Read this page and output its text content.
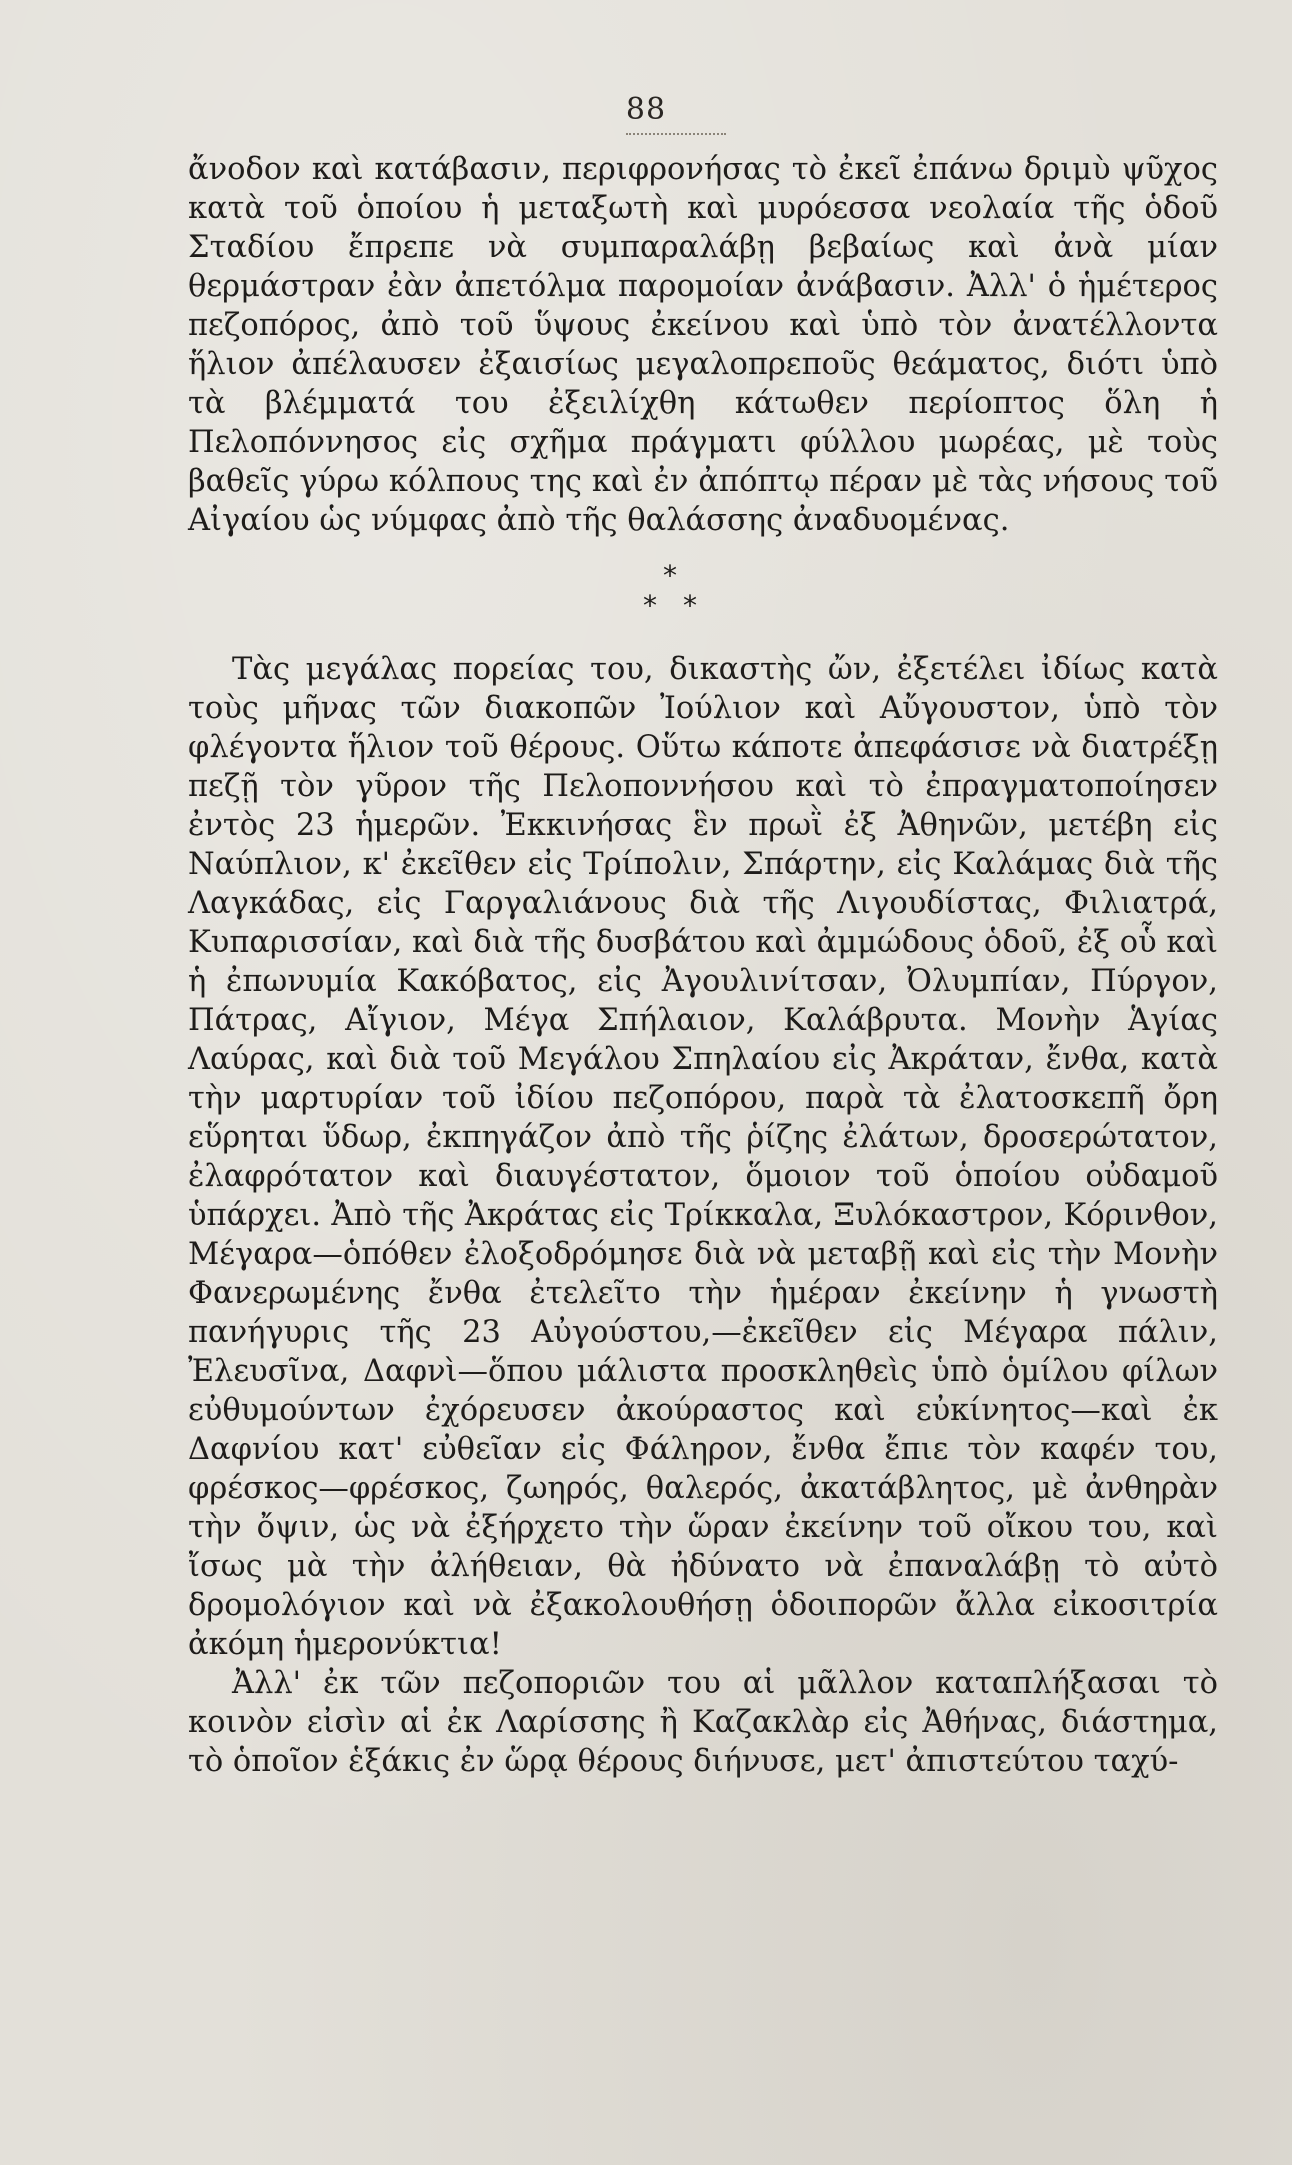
88

ἄνοδον καὶ κατάβασιν, περιφρονήσας τὸ ἐκεῖ ἐπάνω δριμὺ ψῦχος κατὰ τοῦ ὁποίου ἡ μεταξωτὴ καὶ μυρόεσσα νεολαία τῆς ὁδοῦ Σταδίου ἔπρεπε νὰ συμπαραλάβῃ βεβαίως καὶ ἀνὰ μίαν θερμάστραν ἐὰν ἀπετόλμα παρομοίαν ἀνάβασιν. Ἀλλ' ὁ ἡμέτερος πεζοπόρος, ἀπὸ τοῦ ὕψους ἐκείνου καὶ ὑπὸ τὸν ἀνατέλλοντα ἥλιον ἀπέλαυσεν ἐξαισίως μεγαλοπρεποῦς θεάματος, διότι ὑπὸ τὰ βλέμματά του ἐξειλίχθη κάτωθεν περίοπτος ὅλη ἡ Πελοπόννησος εἰς σχῆμα πράγματι φύλλου μωρέας, μὲ τοὺς βαθεῖς γύρω κόλπους της καὶ ἐν ἀπόπτῳ πέραν μὲ τὰς νήσους τοῦ Αἰγαίου ὡς νύμφας ἀπὸ τῆς θαλάσσης ἀναδυομένας.

*
* *

Τὰς μεγάλας πορείας του, δικαστὴς ὤν, ἐξετέλει ἰδίως κατὰ τοὺς μῆνας τῶν διακοπῶν Ἰούλιον καὶ Αὔγουστον, ὑπὸ τὸν φλέγοντα ἥλιον τοῦ θέρους. Οὕτω κάποτε ἀπεφάσισε νὰ διατρέξῃ πεζῇ τὸν γῦρον τῆς Πελοποννήσου καὶ τὸ ἐπραγματοποίησεν ἐντὸς 23 ἡμερῶν. Ἐκκινήσας ἓν πρωῒ ἐξ Ἀθηνῶν, μετέβη εἰς Ναύπλιον, κ' ἐκεῖθεν εἰς Τρίπολιν, Σπάρτην, εἰς Καλάμας διὰ τῆς Λαγκάδας, εἰς Γαργαλιάνους διὰ τῆς Λιγουδίστας, Φιλιατρά, Κυπαρισσίαν, καὶ διὰ τῆς δυσβάτου καὶ ἀμμώδους ὁδοῦ, ἐξ οὗ καὶ ἡ ἐπωνυμία Κακόβατος, εἰς Ἀγουλινίτσαν, Ὀλυμπίαν, Πύργον, Πάτρας, Αἴγιον, Μέγα Σπήλαιον, Καλάβρυτα. Μονὴν Ἁγίας Λαύρας, καὶ διὰ τοῦ Μεγάλου Σπηλαίου εἰς Ἀκράταν, ἔνθα, κατὰ τὴν μαρτυρίαν τοῦ ἰδίου πεζοπόρου, παρὰ τὰ ἐλατοσκεπῆ ὄρη εὕρηται ὕδωρ, ἐκπηγάζον ἀπὸ τῆς ῥίζης ἐλάτων, δροσερώτατον, ἐλαφρότατον καὶ διαυγέστατον, ὅμοιον τοῦ ὁποίου οὐδαμοῦ ὑπάρχει. Ἀπὸ τῆς Ἀκράτας εἰς Τρίκκαλα, Ξυλόκαστρον, Κόρινθον, Μέγαρα—ὁπόθεν ἐλοξοδρόμησε διὰ νὰ μεταβῇ καὶ εἰς τὴν Μονὴν Φανερωμένης ἔνθα ἐτελεῖτο τὴν ἡμέραν ἐκείνην ἡ γνωστὴ πανήγυρις τῆς 23 Αὐγούστου,—ἐκεῖθεν εἰς Μέγαρα πάλιν, Ἐλευσῖνα, Δαφνὶ—ὅπου μάλιστα προσκληθεὶς ὑπὸ ὁμίλου φίλων εὐθυμούντων ἐχόρευσεν ἀκούραστος καὶ εὐκίνητος—καὶ ἐκ Δαφνίου κατ' εὐθεῖαν εἰς Φάληρον, ἔνθα ἔπιε τὸν καφέν του, φρέσκος—φρέσκος, ζωηρός, θαλερός, ἀκατάβλητος, μὲ ἀνθηρὰν τὴν ὄψιν, ὡς νὰ ἐξήρχετο τὴν ὥραν ἐκείνην τοῦ οἴκου του, καὶ ἴσως μὰ τὴν ἀλήθειαν, θὰ ἠδύνατο νὰ ἐπαναλάβῃ τὸ αὐτὸ δρομολόγιον καὶ νὰ ἐξακολουθήσῃ ὁδοιπορῶν ἄλλα εἰκοσιτρία ἀκόμη ἡμερονύκτια!

Ἀλλ' ἐκ τῶν πεζοποριῶν του αἱ μᾶλλον καταπλήξασαι τὸ κοινὸν εἰσὶν αἱ ἐκ Λαρίσσης ἢ Καζακλὰρ εἰς Ἀθήνας, διάστημα, τὸ ὁποῖον ἑξάκις ἐν ὥρᾳ θέρους διήνυσε, μετ' ἀπιστεύτου ταχύ-
